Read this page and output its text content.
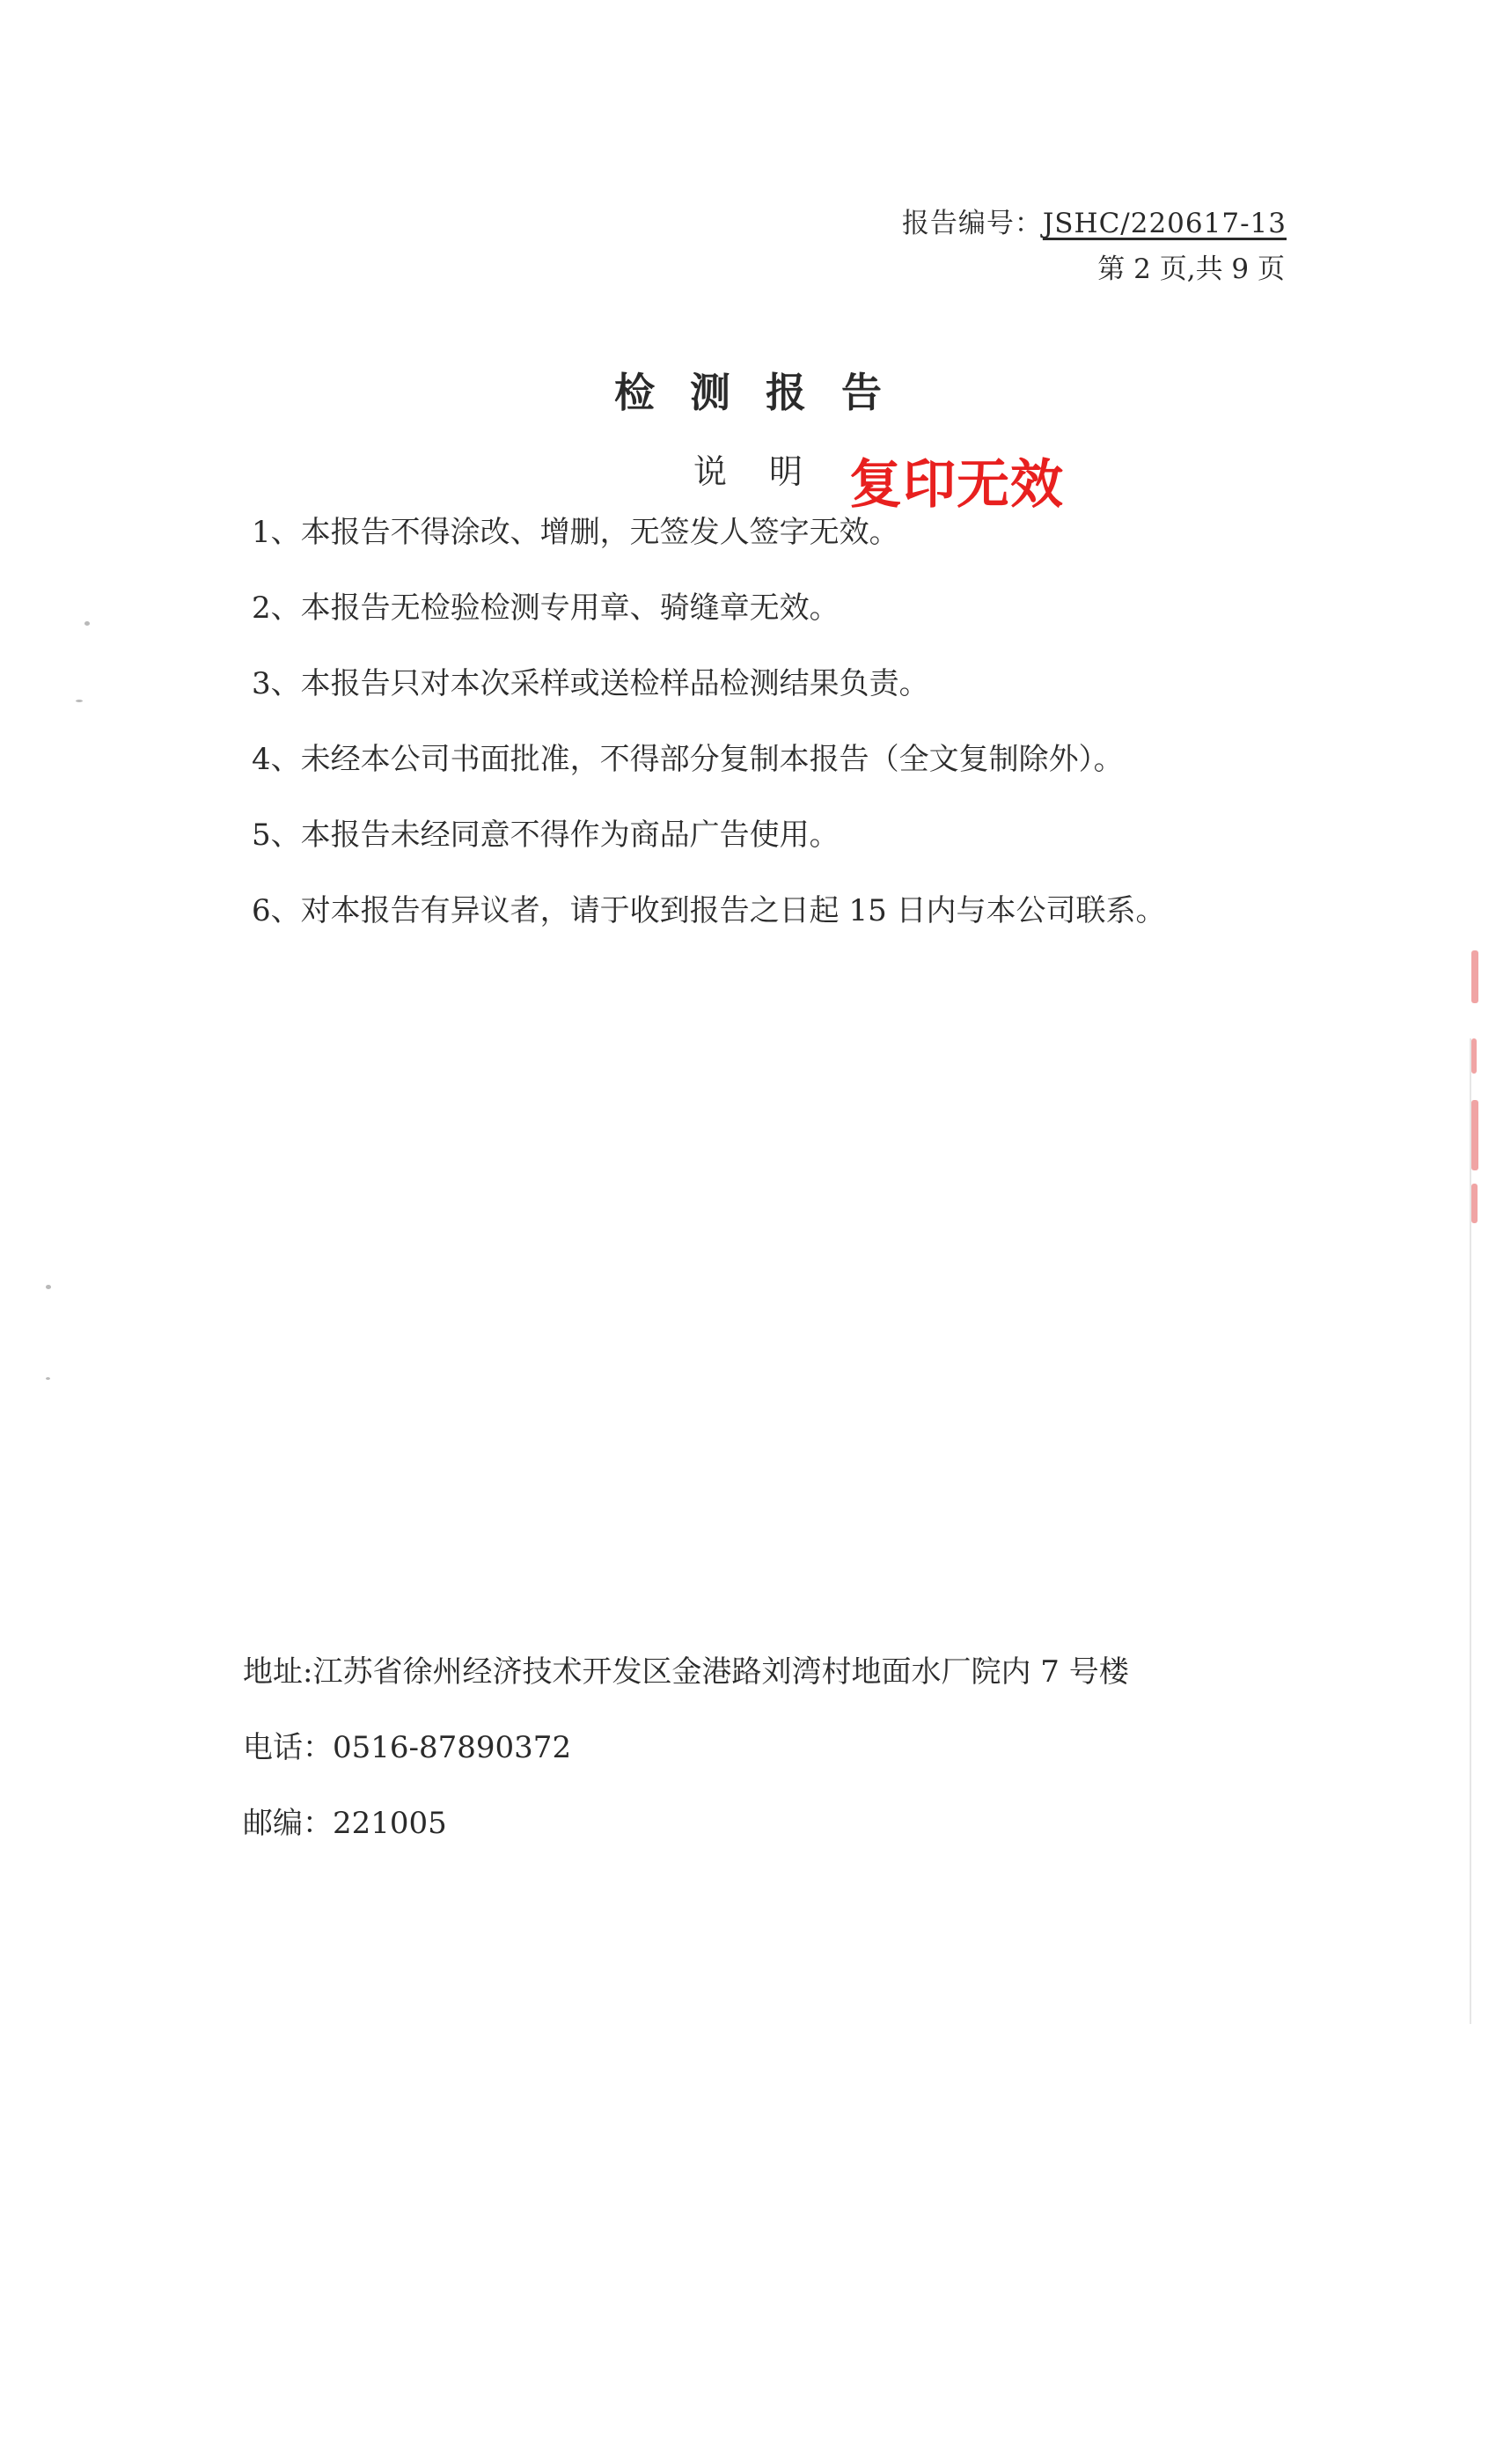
报告编号：JSHC/220617-13
第 2 页,共 9 页
检测报告
说明 复印无效
1、本报告不得涂改、增删，无签发人签字无效。
2、本报告无检验检测专用章、骑缝章无效。
3、本报告只对本次采样或送检样品检测结果负责。
4、未经本公司书面批准，不得部分复制本报告（全文复制除外）。
5、本报告未经同意不得作为商品广告使用。
6、对本报告有异议者，请于收到报告之日起 15 日内与本公司联系。
地址:江苏省徐州经济技术开发区金港路刘湾村地面水厂院内 7 号楼
电话：0516-87890372
邮编：221005
